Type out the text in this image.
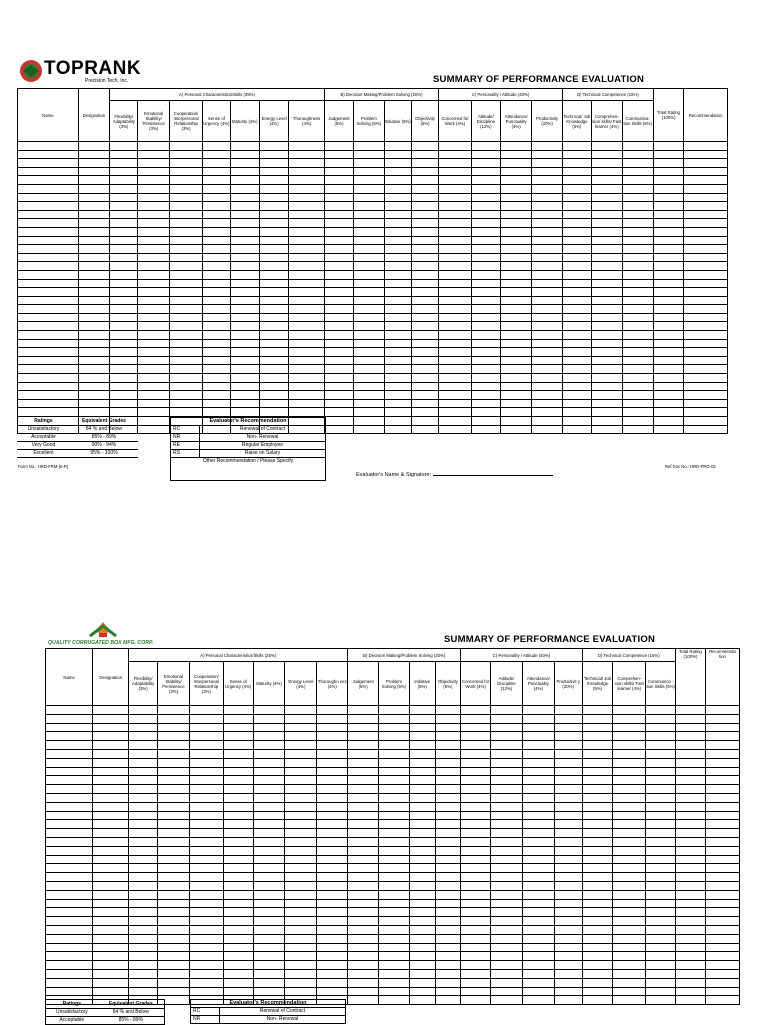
TOPRANK
Precision Tech, Inc.	SUMMARY OF PERFORMANCE EVALUATION
Name	Designation	A) Personal Characteristics/Skills (25%)							B) Decision Making/Problem Solving (20%)				C) Personality / Attitude (40%)				D) Technical Competence (15%)			Total Rating (100%)	Recommendation
		Flexibility/ Adaptability (3%)	Emotional Stability/ Persistence (3%)	Cooperation/ Interpersonal Relationship (3%)	Sense of Urgency (4%)	Maturity (4%)	Energy Level (4%)	Thoroughness (4%)	Judgement (5%)	Problem Solving (5%)	Initiative (5%)	Objectivity (5%)	Concerned for Work (4%)	Attitude/ Discipline (12%)	Attendance/ Punctuality (4%)	Productivity (20%)	Technical/ Job Knowledge (5%)	Comprehen- sion skills/ Fast learner (4%)	Communica- tion Skills (6%)		

Ratings	Equivalent Grades
Unsatisfactory	84 % and Below
Acceptable	85% - 89%
Very Good	90% - 94%
Excellent	95% - 100%
Form No.: HRD-FRM-(6-R)
Evaluator's Recommendation	
RC	Renewal of Contract
NR	Non- Renewal
RE	Regular Employee
RS	Raise on Salary
Other Recommendation / Please Specify	
Evaluator's Name & Signature:
Ref Doc No.: HRD-PRO-02
QUALITY CORRUGATED BOX MFG. CORP.	SUMMARY OF PERFORMANCE EVALUATION
Name	Designation	A) Personal Characteristics/Skills (25%)							B) Decision Making/Problem Solving (20%)				C) Personality / Attitude (40%)				D) Technical Competence (15%)			Total Rating (100%)	Recommenda tion
		Flexibility/ Adaptability (3%)	Emotional Stability/ Persistence (3%)	Cooperation/ Interpersonal Relationship (3%)	Sense of Urgency (4%)	Maturity (4%)	Energy Level (4%)	Thoroughn ess (4%)	Judgement (5%)	Problem Solving (5%)	Initiative (5%)	Objectivity (5%)	Concerned for Work (4%)	Attitude/ Discipline (12%)	Attendance/ Punctuality (4%)	Productivit y (20%)	Technical/ Job Knowledge (5%)	Comprehen- sion skills/ Fast learner (4%)	Communica -tion Skills (6%)		

Ratings	Equivalent Grades
Unsatisfactory	84 % and Below
Acceptable	85% - 89%
Evaluator's Recommendation	
RC	Renewal of Contract
NR	Non- Renewal
